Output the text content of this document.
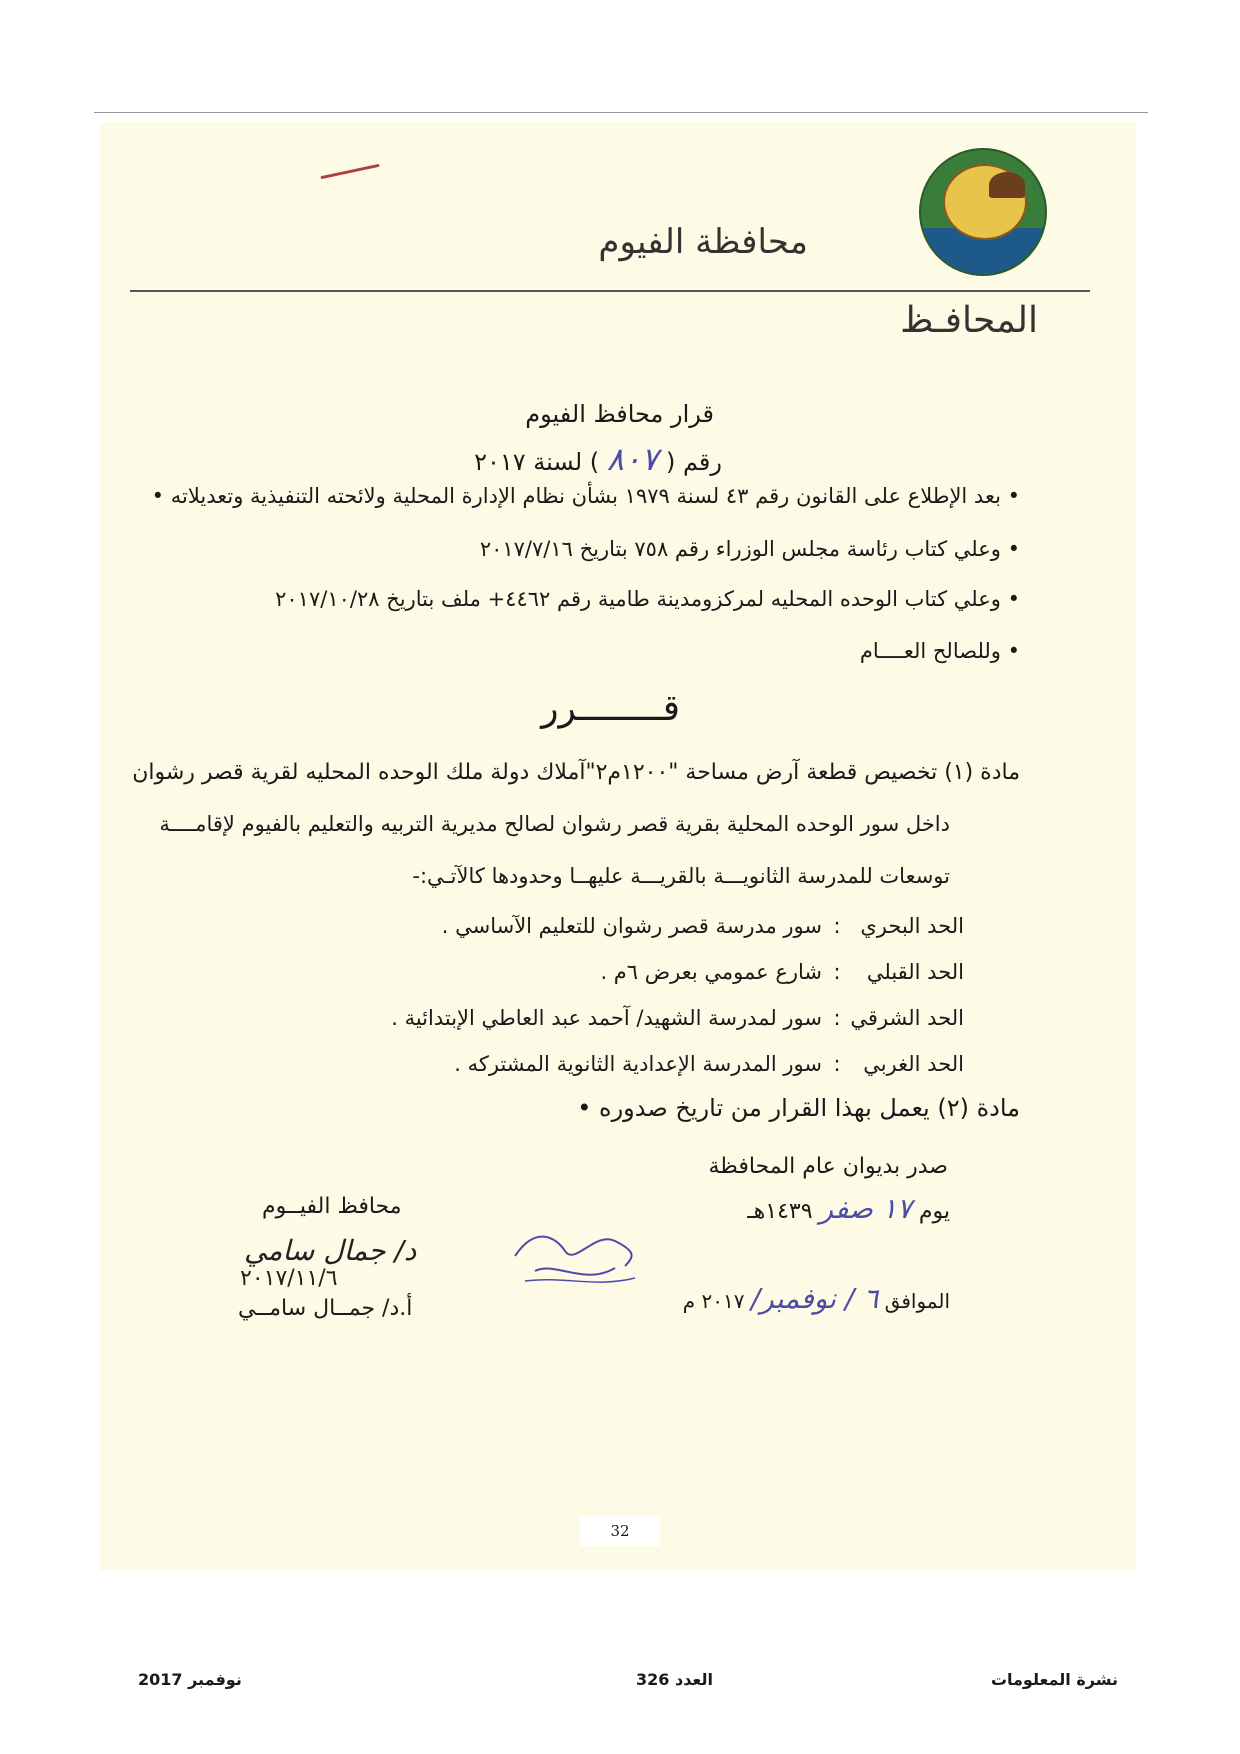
محافظة الفيوم
المحافـظ
قرار محافظ الفيوم
رقم ( ٨٠٧ ) لسنة ٢٠١٧
• بعد الإطلاع على القانون رقم ٤٣ لسنة ١٩٧٩ بشأن نظام الإدارة المحلية ولائحته التنفيذية وتعديلاته •
• وعلي كتاب رئاسة مجلس الوزراء رقم ٧٥٨ بتاريخ ٢٠١٧/٧/١٦
• وعلي كتاب الوحده المحليه لمركزومدينة طامية رقم ٤٤٦٢+ ملف بتاريخ ٢٠١٧/١٠/٢٨
• وللصالح العــــام
قــــــــرر
مادة (١) تخصيص قطعة آرض مساحة "١٢٠٠م٢"آملاك دولة ملك الوحده المحليه لقرية قصر رشوان
داخل سور الوحده المحلية بقرية قصر رشوان لصالح مديرية التربيه والتعليم بالفيوم لإقامــــة
توسعات للمدرسة الثانويـــة بالقريـــة عليهــا وحدودها كالآتـي:-
الحد البحري:سور مدرسة قصر رشوان للتعليم الآساسي .
الحد القبلي:شارع عمومي بعرض ٦م .
الحد الشرقي:سور لمدرسة الشهيد/ آحمد عبد العاطي الإبتدائية .
الحد الغربي:سور المدرسة الإعدادية الثانوية المشتركه .
مادة (٢) يعمل بهذا القرار من تاريخ صدوره •
صدر بديوان عام المحافظة
يوم ١٧ صفر ١٤٣٩هـ
الموافق ٦ / نوفمبر/ ٢٠١٧ م
محافظ الفيــوم
د/ جمال سامي
٢٠١٧/١١/٦
أ.د/ جمــال سامــي
32
نوفمبر 2017	العدد 326	نشرة المعلومات
